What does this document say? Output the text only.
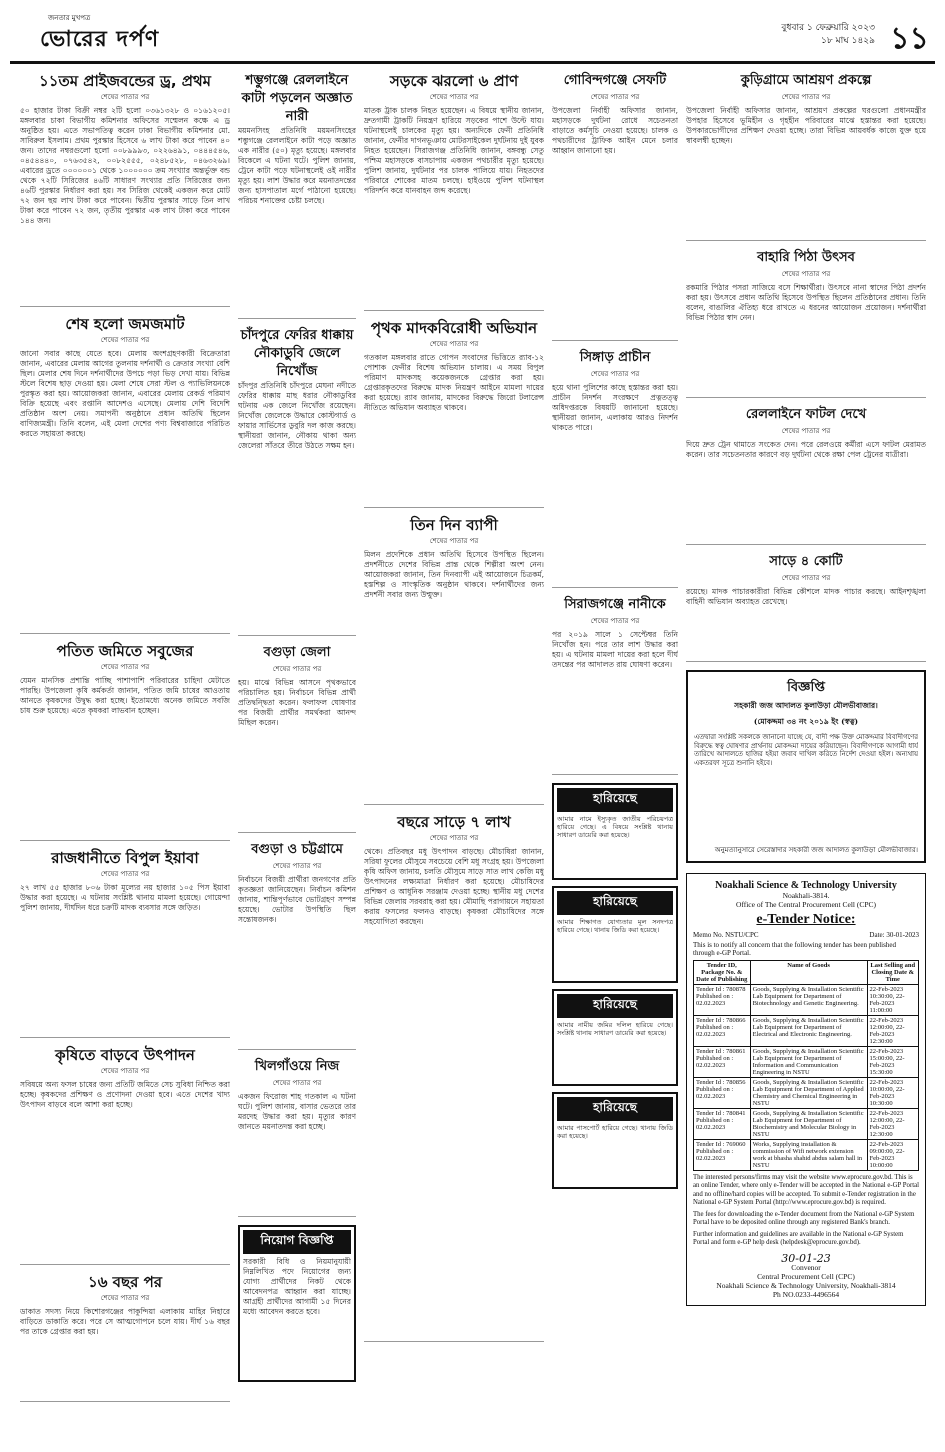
জনতার মুখপত্র
ভোরের দর্পণ	বুধবার ১ ফেব্রুয়ারি ২০২৩
১৮ মাঘ ১৪২৯ ১১
১১তম প্রাইজবন্ডের ড্র, প্রথম
শেষের পাতার পর
৫০ হাজার টাকা বিক্রী নম্বর ২টি হলো ০৩৬১৩২৮ ও ০১৬১২০৫। মঙ্গলবার চাকা বিভাগীয় কমিশনার অফিসের সম্মেলন কক্ষে এ ড্র অনুষ্ঠিত হয়। এতে সভাপতিত্ব করেন ঢাকা বিভাগীয় কমিশনার মো. সাবিরুল ইসলাম। প্রথম পুরস্কার হিসেবে ৬ লাখ টাকা করে পাবেন ৪০ জন। তাদের নম্বরগুলো হলো ০০৮৯৯৯৩, ০২২৬৪৯১, ০৪৪৪৫৪৬, ০৪৫৪৪৪০, ০৭৬৩৫৪২, ০০৮২৫৫৫, ০২৪৮৫২৮, ০৪৬৩২৬৯। এবারের ড্রতে ০০০০০০১ থেকে ১০০০০০০ ক্রম সংখ্যার অন্তর্ভুক্ত বন্ড থেকে ৭২টি সিরিজের ৪৬টি সাধারণ সংখ্যার প্রতি সিরিজের জন্য ৪৬টি পুরস্কার নির্ধারণ করা হয়। সব সিরিজ থেকেই একজন করে মোট ৭২ জন ছয় লাখ টাকা করে পাবেন। দ্বিতীয় পুরস্কার সাড়ে তিন লাখ টাকা করে পাবেন ৭২ জন, তৃতীয় পুরস্কার এক লাখ টাকা করে পাবেন ১৪৪ জন।
শেষ হলো জমজমাট
শেষের পাতার পর
জানো সবার কাছে যেতে হবে। মেলায় অংশগ্রহণকারী বিক্রেতারা জানান, এবারের মেলায় আগের তুলনায় দর্শনার্থী ও ক্রেতার সংখ্যা বেশি ছিল। মেলার শেষ দিনে দর্শনার্থীদের উপচে পড়া ভিড় দেখা যায়। বিভিন্ন স্টলে বিশেষ ছাড় দেওয়া হয়। মেলা শেষে সেরা স্টল ও প্যাভিলিয়নকে পুরস্কৃত করা হয়। আয়োজকরা জানান, এবারের মেলায় রেকর্ড পরিমাণ বিক্রি হয়েছে এবং রপ্তানি আদেশও এসেছে। মেলায় দেশি বিদেশি প্রতিষ্ঠান অংশ নেয়। সমাপনী অনুষ্ঠানে প্রধান অতিথি ছিলেন বাণিজ্যমন্ত্রী। তিনি বলেন, এই মেলা দেশের পণ্য বিশ্ববাজারে পরিচিত করতে সহায়তা করছে।
পতিত জমিতে সবুজের
শেষের পাতার পর
যেমন মানসিক প্রশান্তি পাচ্ছি পাশাপাশি পরিবারের চাহিদা মেটাতে পারছি। উপজেলা কৃষি কর্মকর্তা জানান, পতিত জমি চাষের আওতায় আনতে কৃষকদের উদ্বুদ্ধ করা হচ্ছে। ইতোমধ্যে অনেক জমিতে সবজি চাষ শুরু হয়েছে। এতে কৃষকরা লাভবান হচ্ছেন।
রাজধানীতে বিপুল ইয়াবা
শেষের পাতার পর
২৭ লাখ ৫৫ হাজার ৮০৬ টাকা মূল্যের নয় হাজার ১০৫ পিস ইয়াবা উদ্ধার করা হয়েছে। এ ঘটনায় সংশ্লিষ্ট থানায় মামলা হয়েছে। গোয়েন্দা পুলিশ জানায়, দীর্ঘদিন ধরে চক্রটি মাদক ব্যবসার সঙ্গে জড়িত।
কৃষিতে বাড়বে উৎপাদন
শেষের পাতার পর
সবিষয়ে অন্য ফসল চাষের জন্য প্রতিটি জমিতে সেচ সুবিধা নিশ্চিত করা হচ্ছে। কৃষকদের প্রশিক্ষণ ও প্রণোদনা দেওয়া হবে। এতে দেশের খাদ্য উৎপাদন বাড়বে বলে আশা করা হচ্ছে।
১৬ বছর পর
শেষের পাতার পর
ডাকাত সদস্য নিয়ে কিশোরগঞ্জের পাকুন্দিয়া এলাকায় মাহির নিহারে বাড়িতে ডাকাতি করে। পরে সে আত্মগোপনে চলে যায়। দীর্ঘ ১৬ বছর পর তাকে গ্রেপ্তার করা হয়।
শম্ভুগঞ্জে রেললাইনে কাটা পড়লেন অজ্ঞাত নারী
ময়মনসিংহ প্রতিনিধি ময়মনসিংহের শম্ভুগঞ্জে রেললাইনে কাটা পড়ে অজ্ঞাত এক নারীর (৫০) মৃত্যু হয়েছে। মঙ্গলবার বিকেলে এ ঘটনা ঘটে। পুলিশ জানায়, ট্রেনে কাটা পড়ে ঘটনাস্থলেই ওই নারীর মৃত্যু হয়। লাশ উদ্ধার করে ময়নাতদন্তের জন্য হাসপাতাল মর্গে পাঠানো হয়েছে। পরিচয় শনাক্তের চেষ্টা চলছে।
চাঁদপুরে ফেরির ধাক্কায় নৌকাডুবি জেলে নিখোঁজ
চাঁদপুর প্রতিনিধি চাঁদপুরে মেঘনা নদীতে ফেরির ধাক্কায় মাছ ধরার নৌকাডুবির ঘটনায় এক জেলে নিখোঁজ রয়েছেন। নিখোঁজ জেলেকে উদ্ধারে কোস্টগার্ড ও ফায়ার সার্ভিসের ডুবুরি দল কাজ করছে। স্থানীয়রা জানান, নৌকায় থাকা অন্য জেলেরা সাঁতরে তীরে উঠতে সক্ষম হন।
বগুড়া জেলা
শেষের পাতার পর
হয়। মাঝে বিভিন্ন আসনে পৃথকভাবে পরিচালিত হয়। নির্বাচনে বিভিন্ন প্রার্থী প্রতিদ্বন্দ্বিতা করেন। ফলাফল ঘোষণার পর বিজয়ী প্রার্থীর সমর্থকরা আনন্দ মিছিল করেন।
বগুড়া ও চট্টগ্রামে
শেষের পাতার পর
নির্বাচনে বিজয়ী প্রার্থীরা জনগণের প্রতি কৃতজ্ঞতা জানিয়েছেন। নির্বাচন কমিশন জানায়, শান্তিপূর্ণভাবে ভোটগ্রহণ সম্পন্ন হয়েছে। ভোটার উপস্থিতি ছিল সন্তোষজনক।
খিলগাঁওয়ে নিজ
শেষের পাতার পর
একজন ফিরোজ শাহ গতকাল এ ঘটনা ঘটে। পুলিশ জানায়, বাসার ভেতরে তার মরদেহ উদ্ধার করা হয়। মৃত্যুর কারণ জানতে ময়নাতদন্ত করা হচ্ছে।
নিয়োগ বিজ্ঞপ্তি
সরকারী বিধি ও নিয়মানুযায়ী নিম্নলিখিত পদে নিয়োগের জন্য যোগ্য প্রার্থীদের নিকট থেকে আবেদনপত্র আহ্বান করা যাচ্ছে। আগ্রহী প্রার্থীদের আগামী ১৫ দিনের মধ্যে আবেদন করতে হবে।
সড়কে ঝরলো ৬ প্রাণ
শেষের পাতার পর
মাতক ট্রাক চালক নিহত হয়েছেন। এ বিষয়ে স্থানীয় জানান, দ্রুতগামী ট্রাকটি নিয়ন্ত্রণ হারিয়ে সড়কের পাশে উল্টে যায়। ঘটনাস্থলেই চালকের মৃত্যু হয়। অন্যদিকে ফেনী প্রতিনিধি জানান, ফেনীর দাগনভূঞায় মোটরসাইকেল দুর্ঘটনায় দুই যুবক নিহত হয়েছেন। সিরাজগঞ্জ প্রতিনিধি জানান, বঙ্গবন্ধু সেতু পশ্চিম মহাসড়কে বাসচাপায় একজন পথচারীর মৃত্যু হয়েছে। পুলিশ জানায়, দুর্ঘটনার পর চালক পালিয়ে যায়। নিহতদের পরিবারে শোকের মাতম চলছে। হাইওয়ে পুলিশ ঘটনাস্থল পরিদর্শন করে যানবাহন জব্দ করেছে।
পৃথক মাদকবিরোধী অভিযান
শেষের পাতার পর
গতকাল মঙ্গলবার রাতে গোপন সংবাদের ভিত্তিতে র‍্যাব-১২ পোশাক ফেনীর বিশেষ অভিযান চালায়। এ সময় বিপুল পরিমাণ মাদকসহ কয়েকজনকে গ্রেপ্তার করা হয়। গ্রেপ্তারকৃতদের বিরুদ্ধে মাদক নিয়ন্ত্রণ আইনে মামলা দায়ের করা হয়েছে। র‍্যাব জানায়, মাদকের বিরুদ্ধে জিরো টলারেন্স নীতিতে অভিযান অব্যাহত থাকবে।
তিন দিন ব্যাপী
শেষের পাতার পর
মিলন প্রদেশিকে প্রধান অতিথি হিসেবে উপস্থিত ছিলেন। প্রদর্শনীতে দেশের বিভিন্ন প্রান্ত থেকে শিল্পীরা অংশ নেন। আয়োজকরা জানান, তিন দিনব্যাপী এই আয়োজনে চিত্রকর্ম, হস্তশিল্প ও সাংস্কৃতিক অনুষ্ঠান থাকবে। দর্শনার্থীদের জন্য প্রদর্শনী সবার জন্য উন্মুক্ত।
বছরে সাড়ে ৭ লাখ
শেষের পাতার পর
থেকে। প্রতিবছর মধু উৎপাদন বাড়ছে। মৌচাষিরা জানান, সরিষা ফুলের মৌসুমে সবচেয়ে বেশি মধু সংগ্রহ হয়। উপজেলা কৃষি অফিস জানায়, চলতি মৌসুমে সাড়ে সাত লাখ কেজি মধু উৎপাদনের লক্ষ্যমাত্রা নির্ধারণ করা হয়েছে। মৌচাষিদের প্রশিক্ষণ ও আধুনিক সরঞ্জাম দেওয়া হচ্ছে। স্থানীয় মধু দেশের বিভিন্ন জেলায় সরবরাহ করা হয়। মৌমাছি পরাগায়নে সহায়তা করায় ফসলের ফলনও বাড়ছে। কৃষকরা মৌচাষিদের সঙ্গে সহযোগিতা করছেন।
গোবিন্দগঞ্জে সেফটি
শেষের পাতার পর
উপজেলা নির্বাহী অফিসার জানান, মহাসড়কে দুর্ঘটনা রোধে সচেতনতা বাড়াতে কর্মসূচি নেওয়া হয়েছে। চালক ও পথচারীদের ট্রাফিক আইন মেনে চলার আহ্বান জানানো হয়।
সিঙ্গাড় প্রাচীন
শেষের পাতার পর
হয়ে থানা পুলিশের কাছে হস্তান্তর করা হয়। প্রাচীন নিদর্শন সংরক্ষণে প্রত্নতত্ত্ব অধিদপ্তরকে বিষয়টি জানানো হয়েছে। স্থানীয়রা জানান, এলাকায় আরও নিদর্শন থাকতে পারে।
সিরাজগঞ্জে নানীকে
শেষের পাতার পর
পর ২০১৯ সালে ১ সেপ্টেম্বর তিনি নিখোঁজ হন। পরে তার লাশ উদ্ধার করা হয়। এ ঘটনায় মামলা দায়ের করা হলে দীর্ঘ তদন্তের পর আদালত রায় ঘোষণা করেন।
হারিয়েছে
আমার নামে ইস্যুকৃত জাতীয় পরিচয়পত্র হারিয়ে গেছে। এ বিষয়ে সংশ্লিষ্ট থানায় সাধারণ ডায়েরি করা হয়েছে।
হারিয়েছে
আমার শিক্ষাগত যোগ্যতার মূল সনদপত্র হারিয়ে গেছে। থানায় জিডি করা হয়েছে।
হারিয়েছে
আমার নামীয় জমির দলিল হারিয়ে গেছে। সংশ্লিষ্ট থানায় সাধারণ ডায়েরি করা হয়েছে।
হারিয়েছে
আমার পাসপোর্ট হারিয়ে গেছে। থানায় জিডি করা হয়েছে।
কুড়িগ্রামে আশ্রয়ণ প্রকল্পে
শেষের পাতার পর
উপজেলা নির্বাহী অফিসার জানান, আশ্রয়ণ প্রকল্পের ঘরগুলো প্রধানমন্ত্রীর উপহার হিসেবে ভূমিহীন ও গৃহহীন পরিবারের মাঝে হস্তান্তর করা হয়েছে। উপকারভোগীদের প্রশিক্ষণ দেওয়া হচ্ছে। তারা বিভিন্ন আয়বর্ধক কাজে যুক্ত হয়ে স্বাবলম্বী হচ্ছেন।
বাহারি পিঠা উৎসব
শেষের পাতার পর
রকমারি পিঠার পসরা সাজিয়ে বসে শিক্ষার্থীরা। উৎসবে নানা স্বাদের পিঠা প্রদর্শন করা হয়। উৎসবে প্রধান অতিথি হিসেবে উপস্থিত ছিলেন প্রতিষ্ঠানের প্রধান। তিনি বলেন, বাঙালির ঐতিহ্য ধরে রাখতে এ ধরনের আয়োজন প্রয়োজন। দর্শনার্থীরা বিভিন্ন পিঠার স্বাদ নেন।
রেললাইনে ফাটল দেখে
শেষের পাতার পর
দিয়ে দ্রুত ট্রেন থামাতে সংকেত দেন। পরে রেলওয়ে কর্মীরা এসে ফাটল মেরামত করেন। তার সচেতনতার কারণে বড় দুর্ঘটনা থেকে রক্ষা পেল ট্রেনের যাত্রীরা।
সাড়ে ৪ কোটি
শেষের পাতার পর
রয়েছে। মাদক পাচারকারীরা বিভিন্ন কৌশলে মাদক পাচার করছে। আইনশৃঙ্খলা বাহিনী অভিযান অব্যাহত রেখেছে।
বিজ্ঞপ্তি
সহকারী জজ আদালত কুলাউড়া মৌলভীবাজার।
(মোকদ্দমা ৩৪ নং ২০১৯ ইং (স্বত্ব)
এতদ্বারা সংশ্লিষ্ট সকলকে জানানো যাচ্ছে যে, বাদী পক্ষ উক্ত মোকদ্দমার বিবাদীগণের বিরুদ্ধে স্বত্ব ঘোষণার প্রার্থনায় মোকদ্দমা দায়ের করিয়াছেন। বিবাদীগণকে আগামী ধার্য তারিখে আদালতে হাজির হইয়া জবাব দাখিল করিতে নির্দেশ দেওয়া হইল। অন্যথায় একতরফা সূত্রে শুনানি হইবে।
অনুমত্যানুসারে সেরেস্তাদার সহকারী জজ আদালত কুলাউড়া মৌলভীবাজার।
Noakhali Science & Technology University
Noakhali-3814.
Office of The Central Procurement Cell (CPC)
e-Tender Notice:
Memo No. NSTU/CPC	Date: 30-01-2023
This is to notify all concern that the following tender has been published through e-GP Portal.
Tender ID, Package No. & Date of Publishing	Name of Goods	Last Selling and Closing Date & Time
Tender Id : 780878 Published on : 02.02.2023	Goods, Supplying & Installation Scientific Lab Equipment for Department of Biotechnology and Genetic Engineering.	22-Feb-2023 10:30:00, 22-Feb-2023 11:00:00
Tender Id : 780866 Published on : 02.02.2023	Goods, Supplying & Installation Scientific Lab Equipment for Department of Electrical and Electronic Engineering.	22-Feb-2023 12:00:00, 22-Feb-2023 12:30:00
Tender Id : 780861 Published on : 02.02.2023	Goods, Supplying & Installation Scientific Lab Equipment for Department of Information and Communication Engineering in NSTU	22-Feb-2023 15:00:00, 22-Feb-2023 15:30:00
Tender Id : 780856 Published on : 02.02.2023	Goods, Supplying & Installation Scientific Lab Equipment for Department of Applied Chemistry and Chemical Engineering in NSTU	22-Feb-2023 10:00:00, 22-Feb-2023 10:30:00
Tender Id : 780841 Published on : 02.02.2023	Goods, Supplying & Installation Scientific Lab Equipment for Department of Biochemistry and Molecular Biology in NSTU	22-Feb-2023 12:00:00, 22-Feb-2023 12:30:00
Tender Id : 769060 Published on : 02.02.2023	Works, Supplying installation & commission of Wifi network extension work at bhasha shahid abdus salam hall in NSTU	22-Feb-2023 09:00:00, 22-Feb-2023 10:00:00
The interested persons/firms may visit the website www.eprocure.gov.bd. This is an online Tender, where only e-Tender will be accepted in the National e-GP Portal and no offline/hard copies will be accepted. To submit e-Tender registration in the National e-GP System Portal (http://www.eprocure.gov.bd) is required.
The fees for downloading the e-Tender document from the National e-GP System Portal have to be deposited online through any registered Bank's branch.
Further information and guidelines are available in the National e-GP System Portal and form e-GP help desk (helpdesk@eprocure.gov.bd).
30-01-23
Convenor
Central Procurement Cell (CPC)
Noakhali Science & Technology University, Noakhali-3814
Ph NO.0233-4496564
